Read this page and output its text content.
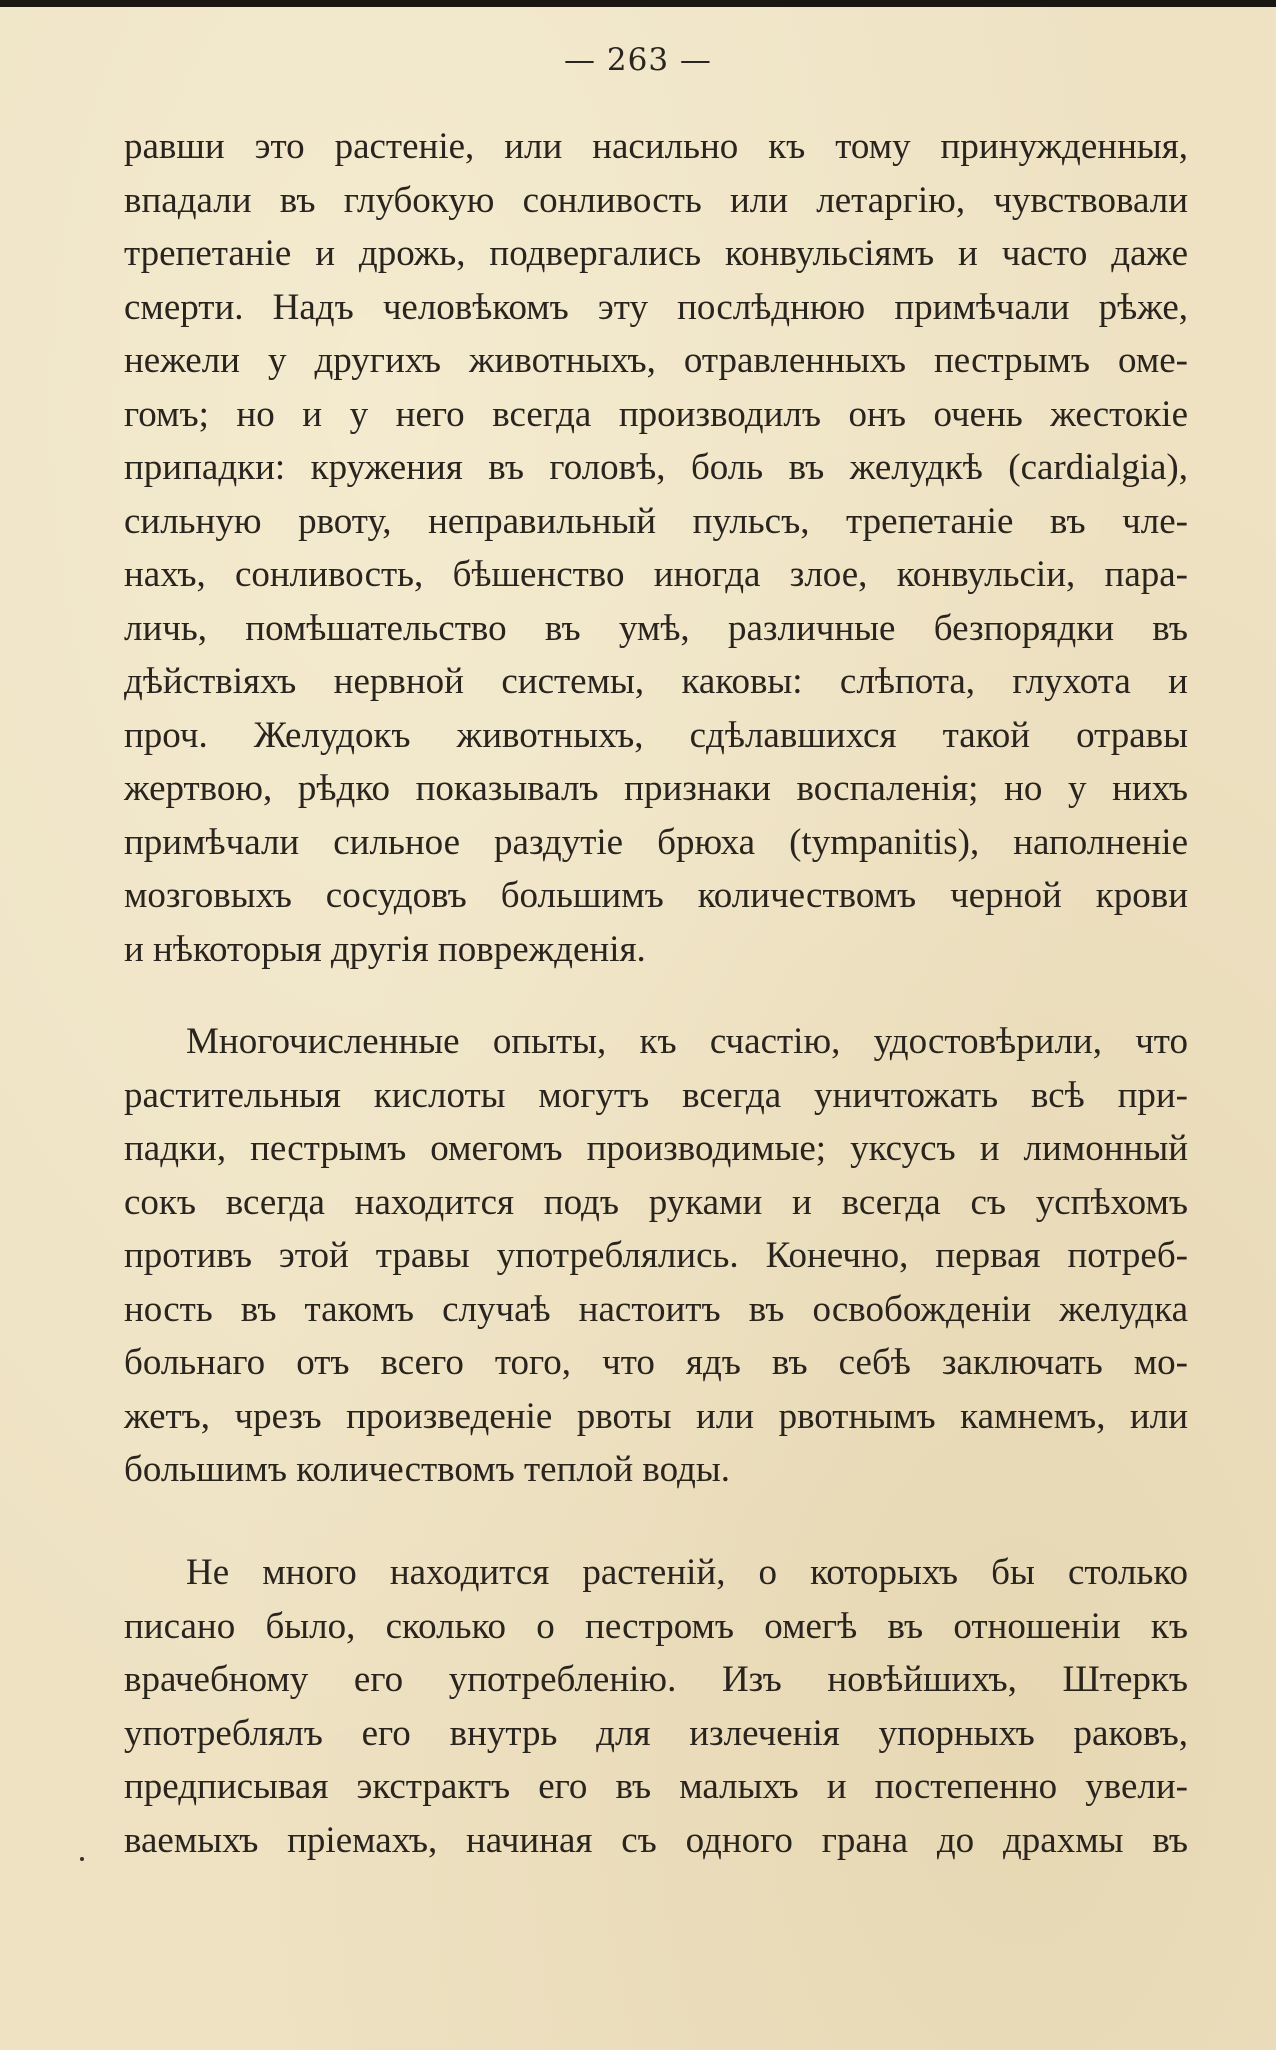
— 263 —
равши это растеніе, или насильно къ тому принужденныя,
впадали въ глубокую сонливость или летаргію, чувствовали
трепетаніе и дрожь, подвергались конвульсіямъ и часто даже
смерти. Надъ человѣкомъ эту послѣднюю примѣчали рѣже,
нежели у другихъ животныхъ, отравленныхъ пестрымъ оме-
гомъ; но и у него всегда производилъ онъ очень жестокіе
припадки: кружения въ головѣ, боль въ желудкѣ (cardialgia),
сильную рвоту, неправильный пульсъ, трепетаніе въ чле-
нахъ, сонливость, бѣшенство иногда злое, конвульсіи, пара-
личь, помѣшательство въ умѣ, различные безпорядки въ
дѣйствіяхъ нервной системы, каковы: слѣпота, глухота и
проч. Желудокъ животныхъ, сдѣлавшихся такой отравы
жертвою, рѣдко показывалъ признаки воспаленія; но у нихъ
примѣчали сильное раздутіе брюха (tympanitis), наполненіе
мозговыхъ сосудовъ большимъ количествомъ черной крови
и нѣкоторыя другія поврежденія.
Многочисленные опыты, къ счастію, удостовѣрили, что
растительныя кислоты могутъ всегда уничтожать всѣ при-
падки, пестрымъ омегомъ производимые; уксусъ и лимонный
сокъ всегда находится подъ руками и всегда съ успѣхомъ
противъ этой травы употреблялись. Конечно, первая потреб-
ность въ такомъ случаѣ настоитъ въ освобожденіи желудка
больнаго отъ всего того, что ядъ въ себѣ заключать мо-
жетъ, чрезъ произведеніе рвоты или рвотнымъ камнемъ, или
большимъ количествомъ теплой воды.
Не много находится растеній, о которыхъ бы столько
писано было, сколько о пестромъ омегѣ въ отношеніи къ
врачебному его употребленію. Изъ новѣйшихъ, Штеркъ
употреблялъ его внутрь для излеченія упорныхъ раковъ,
предписывая экстрактъ его въ малыхъ и постепенно увели-
ваемыхъ пріемахъ, начиная съ одного грана до драхмы въ
